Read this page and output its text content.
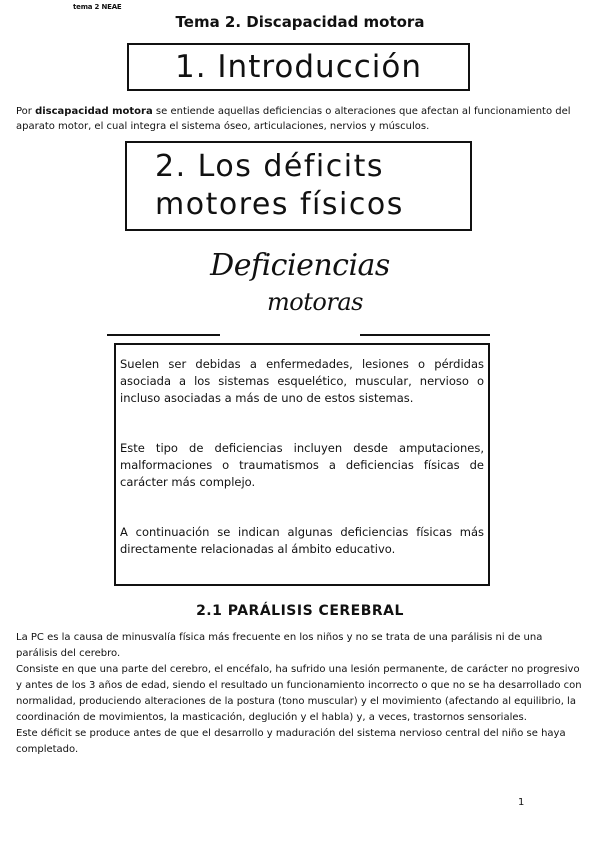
tema 2 NEAE
Tema 2. Discapacidad motora
1. Introducción
Por discapacidad motora se entiende aquellas deficiencias o alteraciones que afectan al funcionamiento del aparato motor, el cual integra el sistema óseo, articulaciones, nervios y músculos.
2. Los déficits
motores físicos
Deficiencias
motoras

Suelen ser debidas a enfermedades, lesiones o pérdidas asociada a los sistemas esquelético, muscular, nervioso o incluso asociadas a más de uno de estos sistemas.

Este tipo de deficiencias incluyen desde amputaciones, malformaciones o traumatismos a deficiencias físicas de carácter más complejo.

A continuación se indican algunas deficiencias físicas más directamente relacionadas al ámbito educativo.

2.1 PARÁLISIS CEREBRAL

La PC es la causa de minusvalía física más frecuente en los niños y no se trata de una parálisis ni de una parálisis del cerebro.

Consiste en que una parte del cerebro, el encéfalo, ha sufrido una lesión permanente, de carácter no progresivo y antes de los 3 años de edad, siendo el resultado un funcionamiento incorrecto o que no se ha desarrollado con normalidad, produciendo alteraciones de la postura (tono muscular) y el movimiento (afectando al equilibrio, la coordinación de movimientos, la masticación, deglución y el habla) y, a veces, trastornos sensoriales.

Este déficit se produce antes de que el desarrollo y maduración del sistema nervioso central del niño se haya completado.

1
